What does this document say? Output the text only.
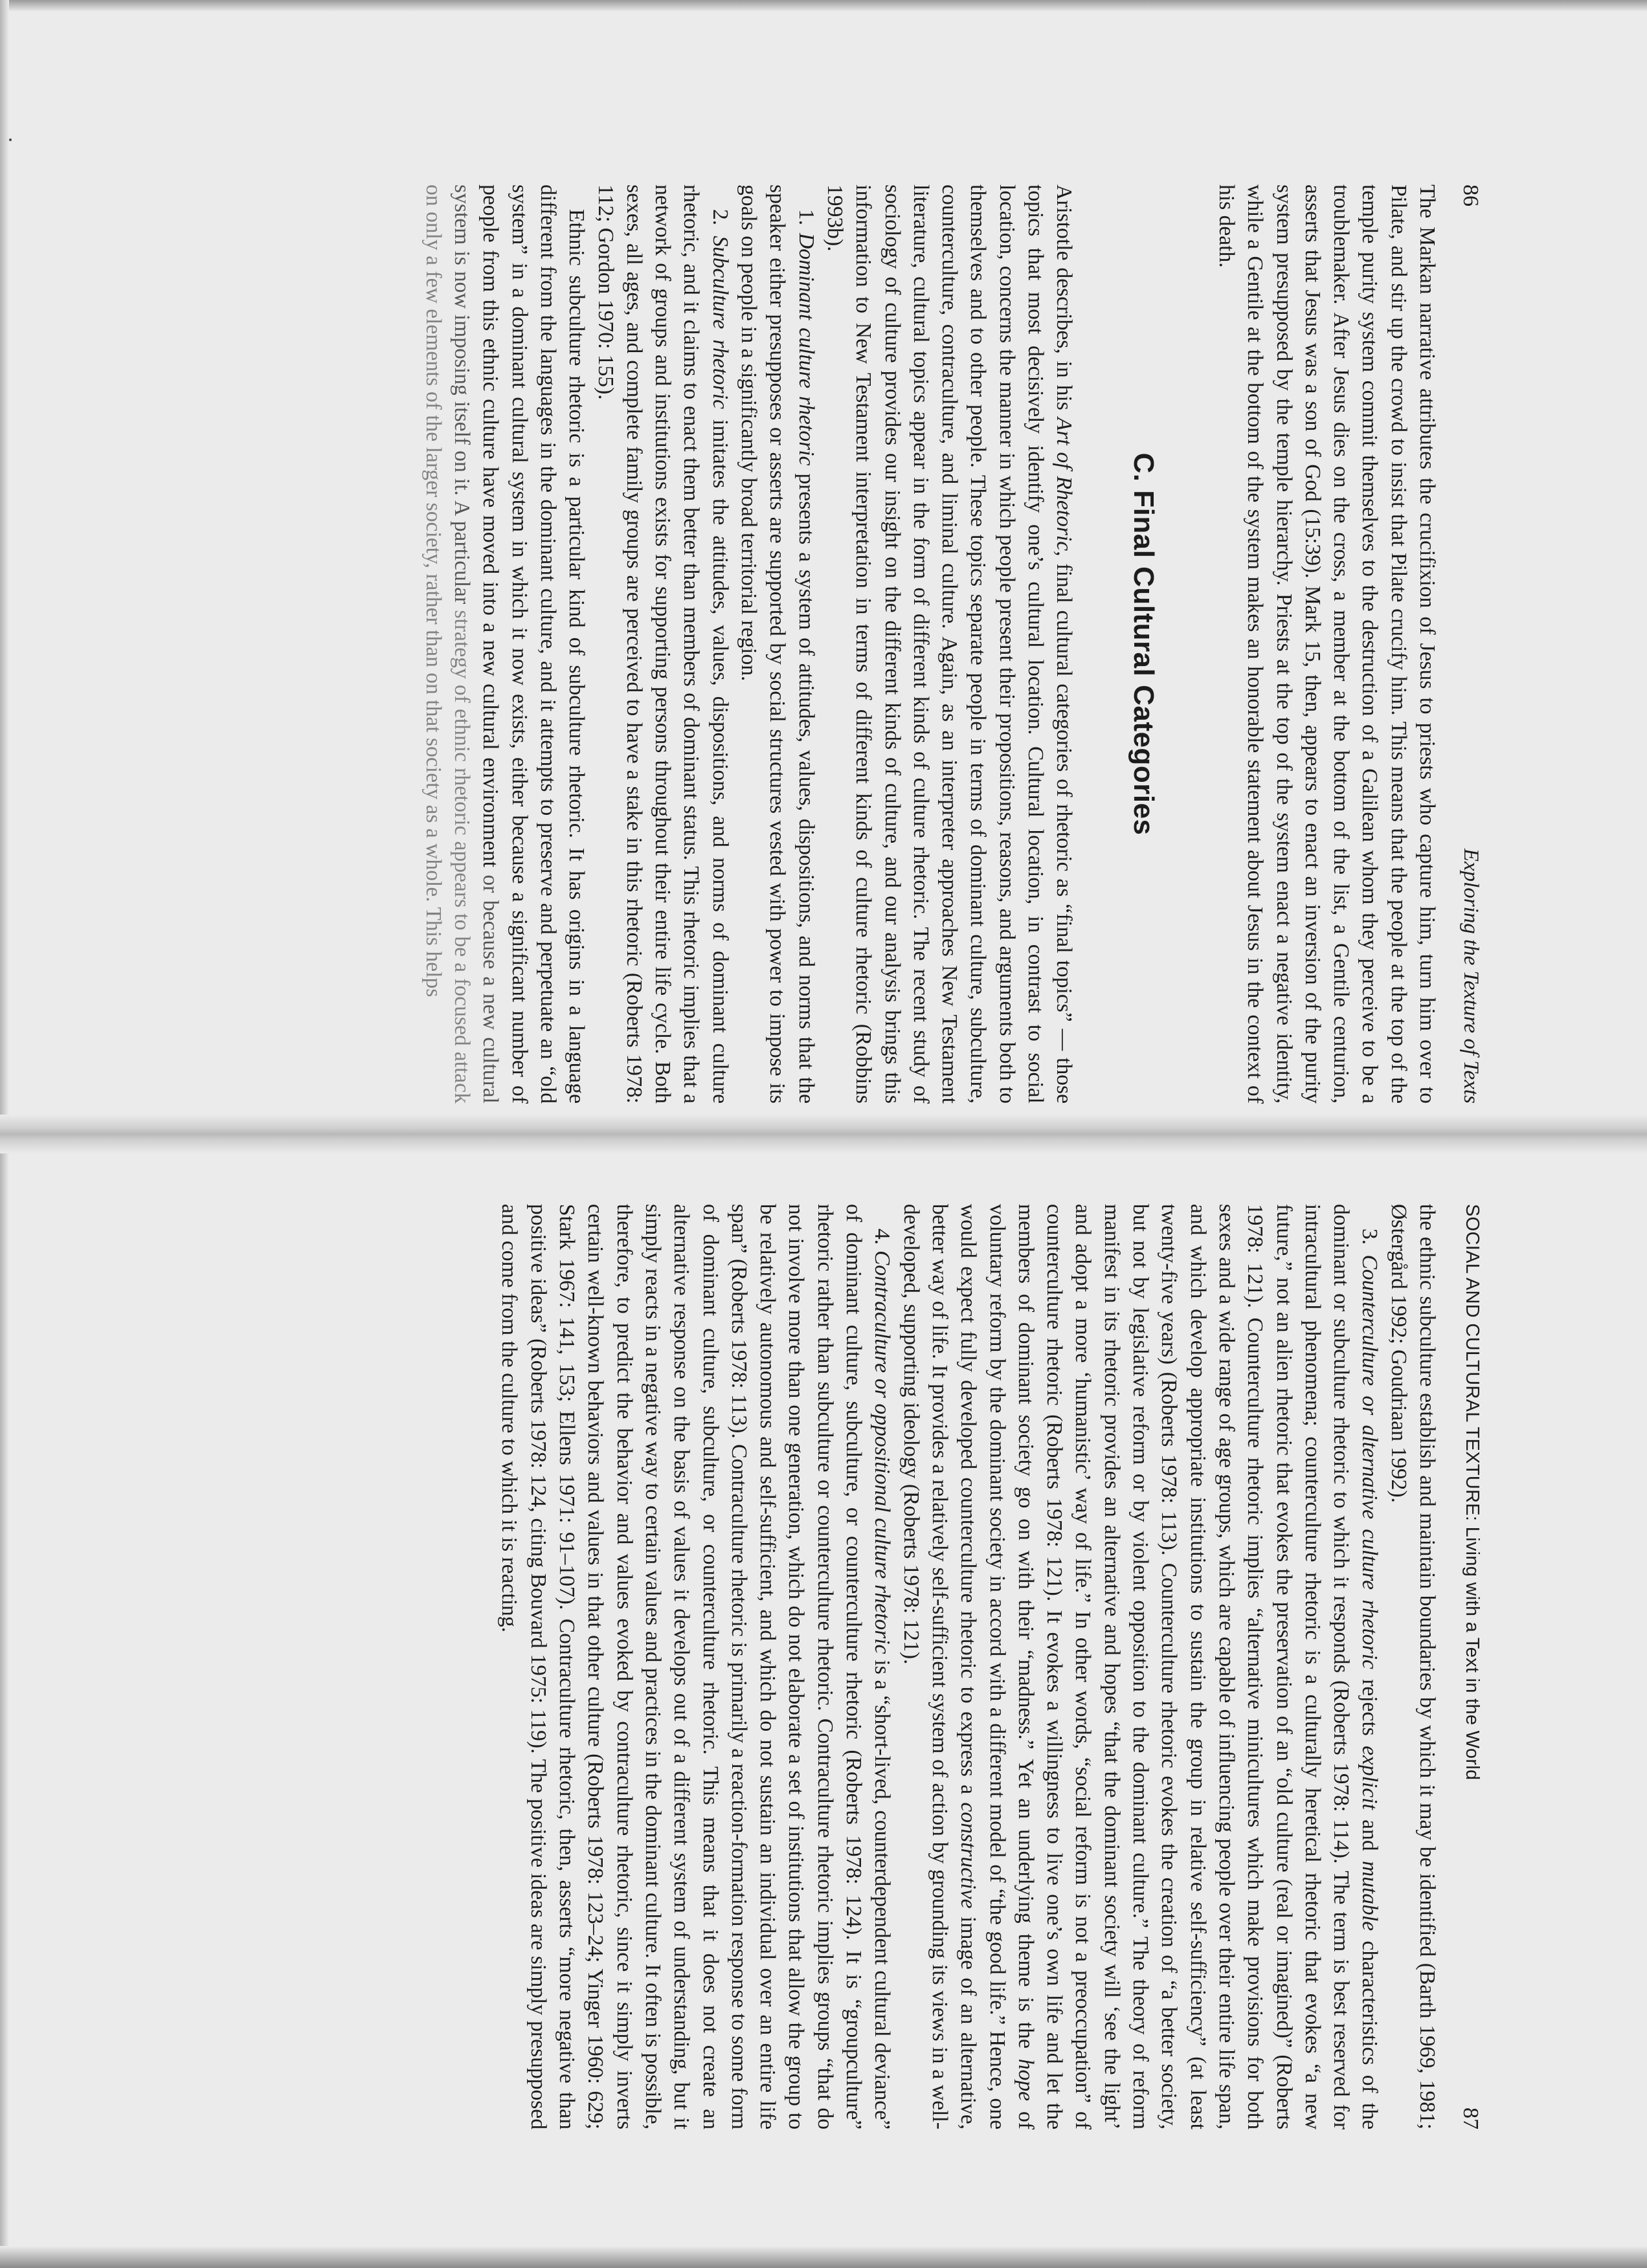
86
Exploring the Texture of Texts

The Markan narrative attributes the crucifixion of Jesus to priests who capture him, turn him over to Pilate, and stir up the crowd to insist that Pilate crucify him. This means that the people at the top of the temple purity system commit themselves to the destruction of a Galilean whom they perceive to be a troublemaker. After Jesus dies on the cross, a member at the bottom of the list, a Gentile centurion, asserts that Jesus was a son of God (15:39). Mark 15, then, appears to enact an inversion of the purity system presupposed by the temple hierarchy. Priests at the top of the system enact a negative identity, while a Gentile at the bottom of the system makes an honorable statement about Jesus in the context of his death.

C. Final Cultural Categories

Aristotle describes, in his Art of Rhetoric, final cultural categories of rhetoric as “final topics” — those topics that most decisively identify one’s cultural location. Cultural location, in contrast to social location, concerns the manner in which people present their propositions, reasons, and arguments both to themselves and to other people. These topics separate people in terms of dominant culture, subculture, counterculture, contraculture, and liminal culture. Again, as an interpreter approaches New Testament literature, cultural topics appear in the form of different kinds of culture rhetoric. The recent study of sociology of culture provides our insight on the different kinds of culture, and our analysis brings this information to New Testament interpretation in terms of different kinds of culture rhetoric (Robbins 1993b).

1. Dominant culture rhetoric presents a system of attitudes, values, dispositions, and norms that the speaker either presupposes or asserts are supported by social structures vested with power to impose its goals on people in a significantly broad territorial region.

2. Subculture rhetoric imitates the attitudes, values, dispositions, and norms of dominant culture rhetoric, and it claims to enact them better than members of dominant status. This rhetoric implies that a network of groups and institutions exists for supporting persons throughout their entire life cycle. Both sexes, all ages, and complete family groups are perceived to have a stake in this rhetoric (Roberts 1978: 112; Gordon 1970: 155).

Ethnic subculture rhetoric is a particular kind of subculture rhetoric. It has origins in a language different from the languages in the dominant culture, and it attempts to preserve and perpetuate an “old system” in a dominant cultural system in which it now exists, either because a significant number of people from this ethnic culture have moved into a new cultural environment or because a new cultural system is now imposing itself on it. A particular strategy of ethnic rhetoric appears to be a focused attack on only a few elements of the larger society, rather than on that society as a whole. This helps

SOCIAL AND CULTURAL TEXTURE: Living with a Text in the World
87

the ethnic subculture establish and maintain boundaries by which it may be identified (Barth 1969, 1981; Østergård 1992; Goudriaan 1992).

3. Counterculture or alternative culture rhetoric rejects explicit and mutable characteristics of the dominant or subculture rhetoric to which it responds (Roberts 1978: 114). The term is best reserved for intracultural phenomena; counterculture rhetoric is a culturally heretical rhetoric that evokes “a new future,” not an alien rhetoric that evokes the preservation of an “old culture (real or imagined)” (Roberts 1978: 121). Counterculture rhetoric implies “alternative minicultures which make provisions for both sexes and a wide range of age groups, which are capable of influencing people over their entire life span, and which develop appropriate institutions to sustain the group in relative self-sufficiency” (at least twenty-five years) (Roberts 1978: 113). Counterculture rhetoric evokes the creation of “a better society, but not by legislative reform or by violent opposition to the dominant culture.” The theory of reform manifest in its rhetoric provides an alternative and hopes “that the dominant society will ‘see the light’ and adopt a more ‘humanistic’ way of life.” In other words, “social reform is not a preoccupation” of counterculture rhetoric (Roberts 1978: 121). It evokes a willingness to live one’s own life and let the members of dominant society go on with their “madness.” Yet an underlying theme is the hope of voluntary reform by the dominant society in accord with a different model of “the good life.” Hence, one would expect fully developed counterculture rhetoric to express a constructive image of an alternative, better way of life. It provides a relatively self-sufficient system of action by grounding its views in a well-developed, supporting ideology (Roberts 1978: 121).

4. Contraculture or oppositional culture rhetoric is a “short-lived, counterdependent cultural deviance” of dominant culture, subculture, or counterculture rhetoric (Roberts 1978: 124). It is “groupculture” rhetoric rather than subculture or counterculture rhetoric. Contraculture rhetoric implies groups “that do not involve more than one generation, which do not elaborate a set of institutions that allow the group to be relatively autonomous and self-sufficient, and which do not sustain an individual over an entire life span” (Roberts 1978: 113). Contraculture rhetoric is primarily a reaction-formation response to some form of dominant culture, subculture, or counterculture rhetoric. This means that it does not create an alternative response on the basis of values it develops out of a different system of understanding, but it simply reacts in a negative way to certain values and practices in the dominant culture. It often is possible, therefore, to predict the behavior and values evoked by contraculture rhetoric, since it simply inverts certain well-known behaviors and values in that other culture (Roberts 1978: 123–24; Yinger 1960: 629; Stark 1967: 141, 153; Ellens 1971: 91–107). Contraculture rhetoric, then, asserts “more negative than positive ideas” (Roberts 1978: 124, citing Bouvard 1975: 119). The positive ideas are simply presupposed and come from the culture to which it is reacting.
